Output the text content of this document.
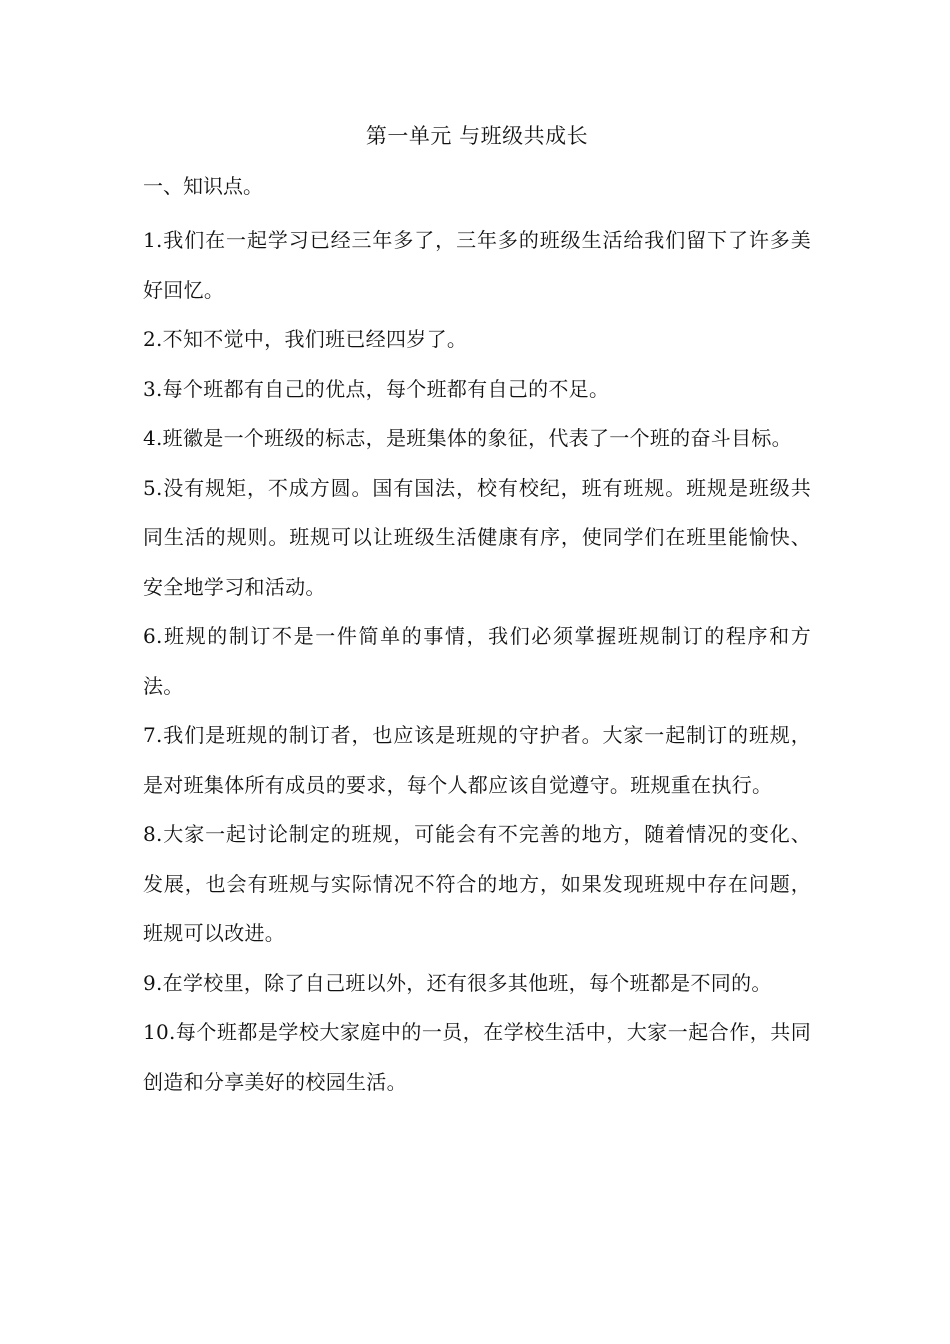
第一单元 与班级共成长
一、知识点。
1.我们在一起学习已经三年多了，三年多的班级生活给我们留下了许多美好回忆。
2.不知不觉中，我们班已经四岁了。
3.每个班都有自己的优点，每个班都有自己的不足。
4.班徽是一个班级的标志，是班集体的象征，代表了一个班的奋斗目标。
5.没有规矩，不成方圆。国有国法，校有校纪，班有班规。班规是班级共同生活的规则。班规可以让班级生活健康有序，使同学们在班里能愉快、安全地学习和活动。
6.班规的制订不是一件简单的事情，我们必须掌握班规制订的程序和方法。
7.我们是班规的制订者，也应该是班规的守护者。大家一起制订的班规，是对班集体所有成员的要求，每个人都应该自觉遵守。班规重在执行。
8.大家一起讨论制定的班规，可能会有不完善的地方，随着情况的变化、发展，也会有班规与实际情况不符合的地方，如果发现班规中存在问题，班规可以改进。
9.在学校里，除了自己班以外，还有很多其他班，每个班都是不同的。
10.每个班都是学校大家庭中的一员，在学校生活中，大家一起合作，共同创造和分享美好的校园生活。
